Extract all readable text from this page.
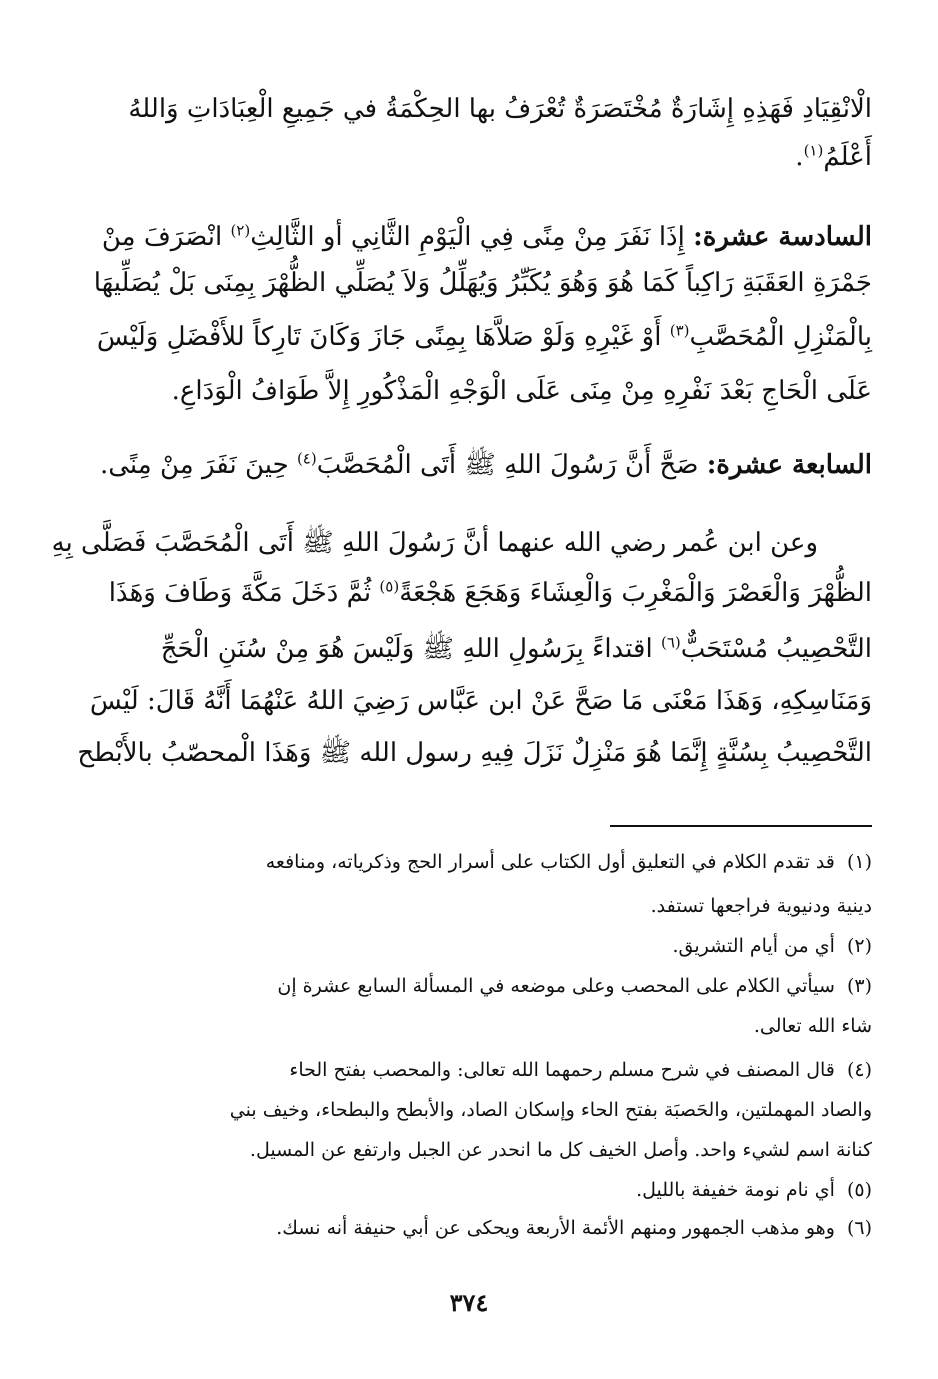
الْانْقِيَادِ فَهَذِهِ إِشَارَةٌ مُخْتَصَرَةٌ تُعْرَفُ بها الحِكْمَةُ في جَمِيعِ الْعِبَادَاتِ وَاللهُ
أَعْلَمُ$^{(١)}$.
السادسة عشرة: إِذَا نَفَرَ مِنْ مِنًى فِي الْيَوْمِ الثَّانِي أو الثَّالِثِ$^{(٢)}$ انْصَرَفَ مِنْ
جَمْرَةِ العَقَبَةِ رَاكِباً كَمَا هُوَ وَهُوَ يُكَبِّرُ وَيُهَلِّلُ وَلاَ يُصَلِّي الظُّهْرَ بِمِنَى بَلْ يُصَلِّيهَا
بِالْمَنْزِلِ الْمُحَصَّبِ$^{(٣)}$ أَوْ غَيْرِهِ وَلَوْ صَلاَّهَا بِمِنًى جَازَ وَكَانَ تَارِكاً للأَفْضَلِ وَلَيْسَ
عَلَى الْحَاجِ بَعْدَ نَفْرِهِ مِنْ مِنَى عَلَى الْوَجْهِ الْمَذْكُورِ إِلاَّ طَوَافُ الْوَدَاعِ.
السابعة عشرة: صَحَّ أَنَّ رَسُولَ اللهِ ﷺ أَتَى الْمُحَصَّبَ$^{(٤)}$ حِينَ نَفَرَ مِنْ مِنًى.
وعن ابن عُمر رضي الله عنهما أنَّ رَسُولَ اللهِ ﷺ أَتَى الْمُحَصَّبَ فَصَلَّى بِهِ
الظُّهْرَ وَالْعَصْرَ وَالْمَغْرِبَ وَالْعِشَاءَ وَهَجَعَ هَجْعَةً$^{(٥)}$ ثُمَّ دَخَلَ مَكَّةَ وَطَافَ وَهَذَا
التَّحْصِيبُ مُسْتَحَبٌّ$^{(٦)}$ اقتداءً بِرَسُولِ اللهِ ﷺ وَلَيْسَ هُوَ مِنْ سُنَنِ الْحَجِّ
وَمَنَاسِكِهِ، وَهَذَا مَعْنَى مَا صَحَّ عَنْ ابن عَبَّاس رَضِيَ اللهُ عَنْهُمَا أَنَّهُ قَالَ: لَيْسَ
التَّحْصِيبُ بِسُنَّةٍ إِنَّمَا هُوَ مَنْزِلٌ نَزَلَ فِيهِ رسول الله ﷺ وَهَذَا الْمحصّبُ بالأَبْطح
(١) قد تقدم الكلام في التعليق أول الكتاب على أسرار الحج وذكرياته، ومنافعه
دينية ودنيوية فراجعها تستفد.
(٢) أي من أيام التشريق.
(٣) سيأتي الكلام على المحصب وعلى موضعه في المسألة السابع عشرة إن
شاء الله تعالى.
(٤) قال المصنف في شرح مسلم رحمهما الله تعالى: والمحصب بفتح الحاء
والصاد المهملتين، والحَصبَة بفتح الحاء وإسكان الصاد، والأبطح والبطحاء، وخيف بني
كنانة اسم لشيء واحد. وأصل الخيف كل ما انحدر عن الجبل وارتفع عن المسيل.
(٥) أي نام نومة خفيفة بالليل.
(٦) وهو مذهب الجمهور ومنهم الأئمة الأربعة ويحكى عن أبي حنيفة أنه نسك.
٣٧٤
